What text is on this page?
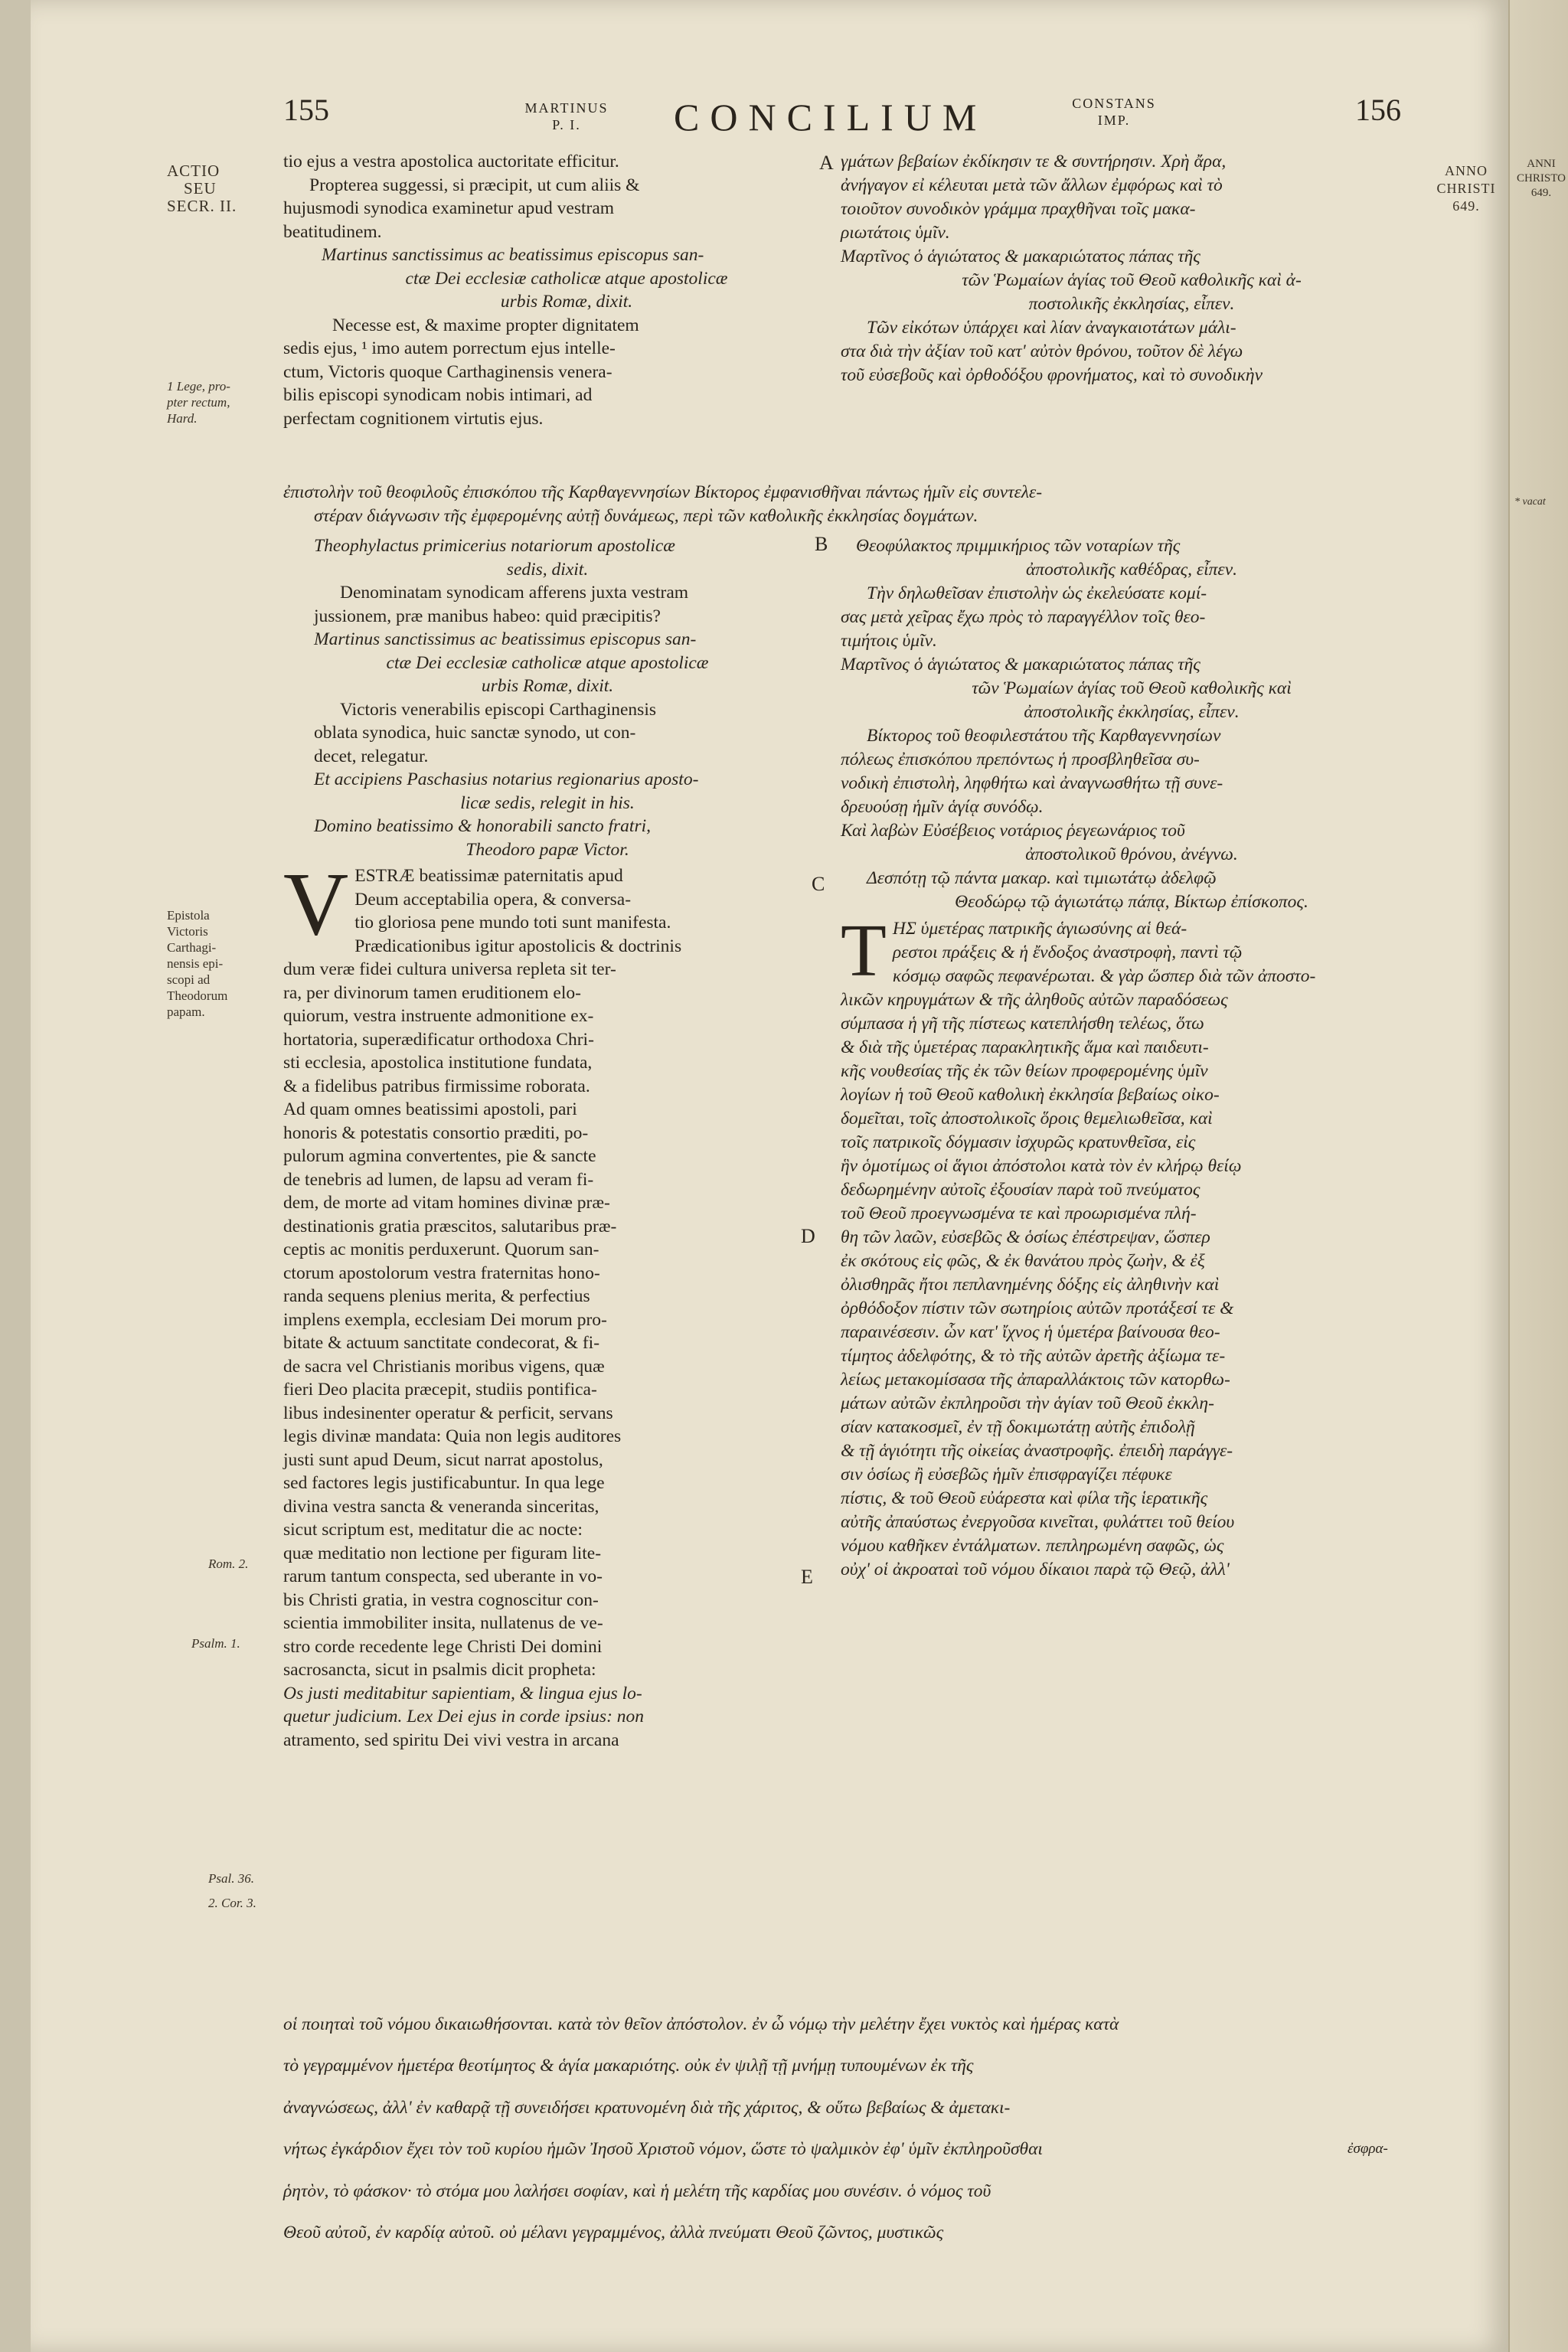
155	MARTINUS
P. I.	CONCILIUM	CONSTANS
IMP.	156
ACTIO
SEU
SECR. II.
1 Lege, pro-
pter rectum,
Hard.
Epistola
Victoris
Carthagi-
nensis epi-
scopi ad
Theodorum
papam.
Rom. 2.
Psalm. 1.
Psal. 36.
2. Cor. 3.
ANNO
CHRISTI
649.
A
B
C
D
E

tio ejus a vestra apostolica auctoritate efficitur.

Propterea suggessi, si præcipit, ut cum aliis &

hujusmodi synodica examinetur apud vestram

beatitudinem.

Martinus sanctissimus ac beatissimus episcopus san-

ctæ Dei ecclesiæ catholicæ atque apostolicæ

urbis Romæ, dixit.

Necesse est, & maxime propter dignitatem

sedis ejus, ¹ imo autem porrectum ejus intelle-

ctum, Victoris quoque Carthaginensis venera-

bilis episcopi synodicam nobis intimari, ad

perfectam cognitionem virtutis ejus.

ἐπιστολὴν τοῦ θεοφιλοῦς ἐπισκόπου τῆς Καρθαγεννησίων Βίκτορος ἐμφανισθῆναι πάντως ἡμῖν εἰς συντελε-

στέραν διάγνωσιν τῆς ἐμφερομένης αὐτῇ δυνάμεως, περὶ τῶν καθολικῆς ἐκκλησίας δογμάτων.

Theophylactus primicerius notariorum apostolicæ

sedis, dixit.

Denominatam synodicam afferens juxta vestram

jussionem, præ manibus habeo: quid præcipitis?

Martinus sanctissimus ac beatissimus episcopus san-

ctæ Dei ecclesiæ catholicæ atque apostolicæ

urbis Romæ, dixit.

Victoris venerabilis episcopi Carthaginensis

oblata synodica, huic sanctæ synodo, ut con-

decet, relegatur.

Et accipiens Paschasius notarius regionarius aposto-

licæ sedis, relegit in his.

Domino beatissimo & honorabili sancto fratri,

Theodoro papæ Victor.

V ESTRÆ beatissimæ paternitatis apud

Deum acceptabilia opera, & conversa-

tio gloriosa pene mundo toti sunt manifesta.

Prædicationibus igitur apostolicis & doctrinis

dum veræ fidei cultura universa repleta sit ter-

ra, per divinorum tamen eruditionem elo-

quiorum, vestra instruente admonitione ex-

hortatoria, superædificatur orthodoxa Chri-

sti ecclesia, apostolica institutione fundata,

& a fidelibus patribus firmissime roborata.

Ad quam omnes beatissimi apostoli, pari

honoris & potestatis consortio præditi, po-

pulorum agmina convertentes, pie & sancte

de tenebris ad lumen, de lapsu ad veram fi-

dem, de morte ad vitam homines divinæ præ-

destinationis gratia præscitos, salutaribus præ-

ceptis ac monitis perduxerunt. Quorum san-

ctorum apostolorum vestra fraternitas hono-

randa sequens plenius merita, & perfectius

implens exempla, ecclesiam Dei morum pro-

bitate & actuum sanctitate condecorat, & fi-

de sacra vel Christianis moribus vigens, quæ

fieri Deo placita præcepit, studiis pontifica-

libus indesinenter operatur & perficit, servans

legis divinæ mandata: Quia non legis auditores

justi sunt apud Deum, sicut narrat apostolus,

sed factores legis justificabuntur. In qua lege

divina vestra sancta & veneranda sinceritas,

sicut scriptum est, meditatur die ac nocte:

quæ meditatio non lectione per figuram lite-

rarum tantum conspecta, sed uberante in vo-

bis Christi gratia, in vestra cognoscitur con-

scientia immobiliter insita, nullatenus de ve-

stro corde recedente lege Christi Dei domini

sacrosancta, sicut in psalmis dicit propheta:

Os justi meditabitur sapientiam, & lingua ejus lo-

quetur judicium. Lex Dei ejus in corde ipsius: non

atramento, sed spiritu Dei vivi vestra in arcana

γμάτων βεβαίων ἐκδίκησιν τε & συντήρησιν. Χρὴ ἄρα,

ἀνήγαγον εἰ κέλευται μετὰ τῶν ἄλλων ἐμφόρως καὶ τὸ

τοιοῦτον συνοδικὸν γράμμα πραχθῆναι τοῖς μακα-

ριωτάτοις ὑμῖν.

Μαρτῖνος ὁ ἁγιώτατος & μακαριώτατος πάπας τῆς

τῶν Ῥωμαίων ἁγίας τοῦ Θεοῦ καθολικῆς καὶ ἀ-

ποστολικῆς ἐκκλησίας, εἶπεν.

Τῶν εἰκότων ὑπάρχει καὶ λίαν ἀναγκαιοτάτων μάλι-

στα διὰ τὴν ἀξίαν τοῦ κατ' αὐτὸν θρόνου, τοῦτον δὲ λέγω

τοῦ εὐσεβοῦς καὶ ὀρθοδόξου φρονήματος, καὶ τὸ συνοδικὴν

Θεοφύλακτος πριμμικήριος τῶν νοταρίων τῆς

ἀποστολικῆς καθέδρας, εἶπεν.

Τὴν δηλωθεῖσαν ἐπιστολὴν ὡς ἐκελεύσατε κομί-

σας μετὰ χεῖρας ἔχω πρὸς τὸ παραγγέλλον τοῖς θεο-

τιμήτοις ὑμῖν.

Μαρτῖνος ὁ ἁγιώτατος & μακαριώτατος πάπας τῆς

τῶν Ῥωμαίων ἁγίας τοῦ Θεοῦ καθολικῆς καὶ

ἀποστολικῆς ἐκκλησίας, εἶπεν.

Βίκτορος τοῦ θεοφιλεστάτου τῆς Καρθαγεννησίων

πόλεως ἐπισκόπου πρεπόντως ἡ προσβληθεῖσα συ-

νοδικὴ ἐπιστολὴ, ληφθήτω καὶ ἀναγνωσθήτω τῇ συνε-

δρευούσῃ ἡμῖν ἁγίᾳ συνόδῳ.

Καὶ λαβὼν Εὐσέβειος νοτάριος ῥεγεωνάριος τοῦ

ἀποστολικοῦ θρόνου, ἀνέγνω.

Δεσπότῃ τῷ πάντα μακαρ. καὶ τιμιωτάτῳ ἀδελφῷ

Θεοδώρῳ τῷ ἁγιωτάτῳ πάπᾳ, Βίκτωρ ἐπίσκοπος.

Τ ΗΣ ὑμετέρας πατρικῆς ἁγιωσύνης αἱ θεά-

ρεστοι πράξεις & ἡ ἔνδοξος ἀναστροφὴ, παντὶ τῷ

κόσμῳ σαφῶς πεφανέρωται. & γὰρ ὥσπερ διὰ τῶν ἀποστο-

λικῶν κηρυγμάτων & τῆς ἀληθοῦς αὐτῶν παραδόσεως

σύμπασα ἡ γῆ τῆς πίστεως κατεπλήσθη τελέως, ὅτω

& διὰ τῆς ὑμετέρας παρακλητικῆς ἅμα καὶ παιδευτι-

κῆς νουθεσίας τῆς ἐκ τῶν θείων προφερομένης ὑμῖν

λογίων ἡ τοῦ Θεοῦ καθολικὴ ἐκκλησία βεβαίως οἰκο-

δομεῖται, τοῖς ἀποστολικοῖς ὅροις θεμελιωθεῖσα, καὶ

τοῖς πατρικοῖς δόγμασιν ἰσχυρῶς κρατυνθεῖσα, εἰς

ἣν ὁμοτίμως οἱ ἅγιοι ἀπόστολοι κατὰ τὸν ἐν κλήρῳ θείῳ

δεδωρημένην αὐτοῖς ἐξουσίαν παρὰ τοῦ πνεύματος

τοῦ Θεοῦ προεγνωσμένα τε καὶ προωρισμένα πλή-

θη τῶν λαῶν, εὐσεβῶς & ὁσίως ἐπέστρεψαν, ὥσπερ

ἐκ σκότους εἰς φῶς, & ἐκ θανάτου πρὸς ζωὴν, & ἐξ

ὀλισθηρᾶς ἤτοι πεπλανημένης δόξης εἰς ἀληθινὴν καὶ

ὀρθόδοξον πίστιν τῶν σωτηρίοις αὐτῶν προτάξεσί τε &

παραινέσεσιν. ὧν κατ' ἴχνος ἡ ὑμετέρα βαίνουσα θεο-

τίμητος ἀδελφότης, & τὸ τῆς αὐτῶν ἀρετῆς ἀξίωμα τε-

λείως μετακομίσασα τῆς ἀπαραλλάκτοις τῶν κατορθω-

μάτων αὐτῶν ἐκπληροῦσι τὴν ἁγίαν τοῦ Θεοῦ ἐκκλη-

σίαν κατακοσμεῖ, ἐν τῇ δοκιμωτάτῃ αὐτῆς ἐπιδολῇ

& τῇ ἁγιότητι τῆς οἰκείας ἀναστροφῆς. ἐπειδὴ παράγγε-

σιν ὁσίως ἢ εὐσεβῶς ἡμῖν ἐπισφραγίζει πέφυκε

πίστις, & τοῦ Θεοῦ εὐάρεστα καὶ φίλα τῆς ἱερατικῆς

αὐτῆς ἀπαύστως ἐνεργοῦσα κινεῖται, φυλάττει τοῦ θείου

νόμου καθῆκεν ἐντάλματων. πεπληρωμένη σαφῶς, ὡς

οὐχ' οἱ ἀκροαταὶ τοῦ νόμου δίκαιοι παρὰ τῷ Θεῷ, ἀλλ'

οἱ ποιηταὶ τοῦ νόμου δικαιωθήσονται. κατὰ τὸν θεῖον ἀπόστολον. ἐν ὧ νόμῳ τὴν μελέτην ἔχει νυκτὸς καὶ ἡμέρας κατὰ

τὸ γεγραμμένον ἡμετέρα θεοτίμητος & ἁγία μακαριότης. οὐκ ἐν ψιλῇ τῇ μνήμῃ τυπουμένων ἐκ τῆς

ἀναγνώσεως, ἀλλ' ἐν καθαρᾷ τῇ συνειδήσει κρατυνομένη διὰ τῆς χάριτος, & οὕτω βεβαίως & ἀμετακι-

νήτως ἐγκάρδιον ἔχει τὸν τοῦ κυρίου ἡμῶν Ἰησοῦ Χριστοῦ νόμον, ὥστε τὸ ψαλμικὸν ἐφ' ὑμῖν ἐκπληροῦσθαι

ῥητὸν, τὸ φάσκον· τὸ στόμα μου λαλήσει σοφίαν, καὶ ἡ μελέτη τῆς καρδίας μου συνέσιν. ὁ νόμος τοῦ

Θεοῦ αὐτοῦ, ἐν καρδίᾳ αὐτοῦ. οὐ μέλανι γεγραμμένος, ἀλλὰ πνεύματι Θεοῦ ζῶντος, μυστικῶς

ἐσφρα-
ANNI
CHRISTO
649.
* vacat
